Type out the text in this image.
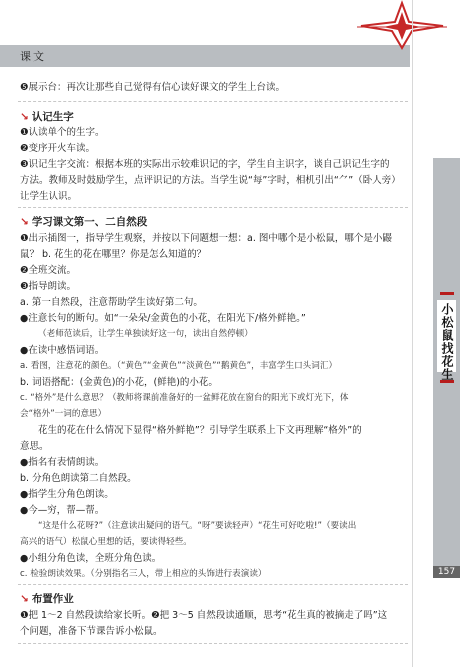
课文
❺展示台：再次让那些自己觉得有信心读好课文的学生上台读。
↘ 认记生字
❶认读单个的生字。
❷变序开火车读。
❸识记生字交流：根据本班的实际出示较难识记的字，学生自主识字，谈自己识记生字的
方法。教师及时鼓励学生，点评识记的方法。当学生说“每”字时，相机引出“⺈”（卧人旁）
让学生认识。
↘ 学习课文第一、二自然段
❶出示插图一，指导学生观察，并按以下问题想一想：a. 图中哪个是小松鼠，哪个是小鼹
鼠？ b. 花生的花在哪里？你是怎么知道的？
❷全班交流。
❸指导朗读。
a. 第一自然段，注意帮助学生读好第二句。
●注意长句的断句。如“一朵朵/金黄色的小花，在阳光下/格外鲜艳。”
（老师范读后，让学生单独读好这一句，读出自然停顿）
●在读中感悟词语。
a. 看图，注意花的颜色。（“黄色”“金黄色”“淡黄色”“鹅黄色”，丰富学生口头词汇）
b. 词语搭配：(金黄色)的小花，(鲜艳)的小花。
c. “格外”是什么意思？（教师将课前准备好的一盆鲜花放在窗台的阳光下或灯光下，体
会“格外”一词的意思）
花生的花在什么情况下显得“格外鲜艳”？引导学生联系上下文再理解“格外”的
意思。
●指名有表情朗读。
b. 分角色朗读第二自然段。
●指学生分角色朗读。
●今—穷，帮—帮。
“这是什么花呀?”（注意读出疑问的语气。“呀”要读轻声）“花生可好吃啦!”（要读出
高兴的语气）松鼠心里想的话，要读得轻些。
●小组分角色读，全班分角色读。
c. 检验朗读效果。（分别指名三人，带上相应的头饰进行表演读）
↘ 布置作业
❶把 1～2 自然段读给家长听。❷把 3～5 自然段读通顺，思考“花生真的被摘走了吗”这
个问题，准备下节课告诉小松鼠。
小松鼠找花生
157
